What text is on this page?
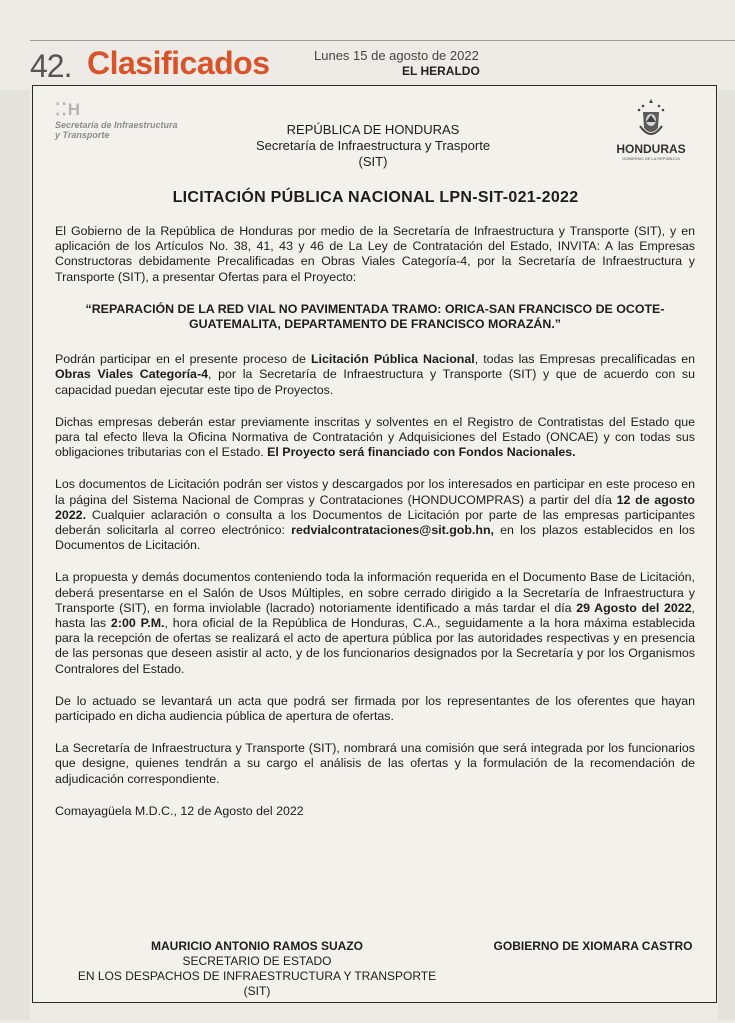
42. Clasificados	Lunes 15 de agosto de 2022
EL HERALDO
⁚⁚H
Secretaría de Infraestructura
y Transporte
HONDURAS
GOBIERNO DE LA REPÚBLICA
REPÚBLICA DE HONDURAS
Secretaría de Infraestructura y Trasporte
(SIT)
LICITACIÓN PÚBLICA NACIONAL LPN-SIT-021-2022

El Gobierno de la República de Honduras por medio de la Secretaría de Infraestructura y Transporte (SIT), y en aplicación de los Artículos No. 38, 41, 43 y 46 de La Ley de Contratación del Estado, INVITA: A las Empresas Constructoras debidamente Precalificadas en Obras Viales Categoría-4, por la Secretaría de Infraestructura y Transporte (SIT), a presentar Ofertas para el Proyecto:

“REPARACIÓN DE LA RED VIAL NO PAVIMENTADA TRAMO: ORICA-SAN FRANCISCO DE OCOTE-GUATEMALITA, DEPARTAMENTO DE FRANCISCO MORAZÁN.”

Podrán participar en el presente proceso de Licitación Pública Nacional, todas las Empresas precalificadas en Obras Viales Categoría-4, por la Secretaría de Infraestructura y Transporte (SIT) y que de acuerdo con su capacidad puedan ejecutar este tipo de Proyectos.

Dichas empresas deberán estar previamente inscritas y solventes en el Registro de Contratistas del Estado que para tal efecto lleva la Oficina Normativa de Contratación y Adquisiciones del Estado (ONCAE) y con todas sus obligaciones tributarias con el Estado. El Proyecto será financiado con Fondos Nacionales.

Los documentos de Licitación podrán ser vistos y descargados por los interesados en participar en este proceso en la página del Sistema Nacional de Compras y Contrataciones (HONDUCOMPRAS) a partir del día 12 de agosto 2022. Cualquier aclaración o consulta a los Documentos de Licitación por parte de las empresas participantes deberán solicitarla al correo electrónico: redvialcontrataciones@sit.gob.hn, en los plazos establecidos en los Documentos de Licitación.

La propuesta y demás documentos conteniendo toda la información requerida en el Documento Base de Licitación, deberá presentarse en el Salón de Usos Múltiples, en sobre cerrado dirigido a la Secretaría de Infraestructura y Transporte (SIT), en forma inviolable (lacrado) notoriamente identificado a más tardar el día 29 Agosto del 2022, hasta las 2:00 P.M., hora oficial de la República de Honduras, C.A., seguidamente a la hora máxima establecida para la recepción de ofertas se realizará el acto de apertura pública por las autoridades respectivas y en presencia de las personas que deseen asistir al acto, y de los funcionarios designados por la Secretaría y por los Organismos Contralores del Estado.

De lo actuado se levantará un acta que podrá ser firmada por los representantes de los oferentes que hayan participado en dicha audiencia pública de apertura de ofertas.

La Secretaría de Infraestructura y Transporte (SIT), nombrará una comisión que será integrada por los funcionarios que designe, quienes tendrán a su cargo el análisis de las ofertas y la formulación de la recomendación de adjudicación correspondiente.

Comayagüela M.D.C., 12 de Agosto del 2022

MAURICIO ANTONIO RAMOS SUAZO
SECRETARIO DE ESTADO
EN LOS DESPACHOS DE INFRAESTRUCTURA Y TRANSPORTE
(SIT)
GOBIERNO DE XIOMARA CASTRO
